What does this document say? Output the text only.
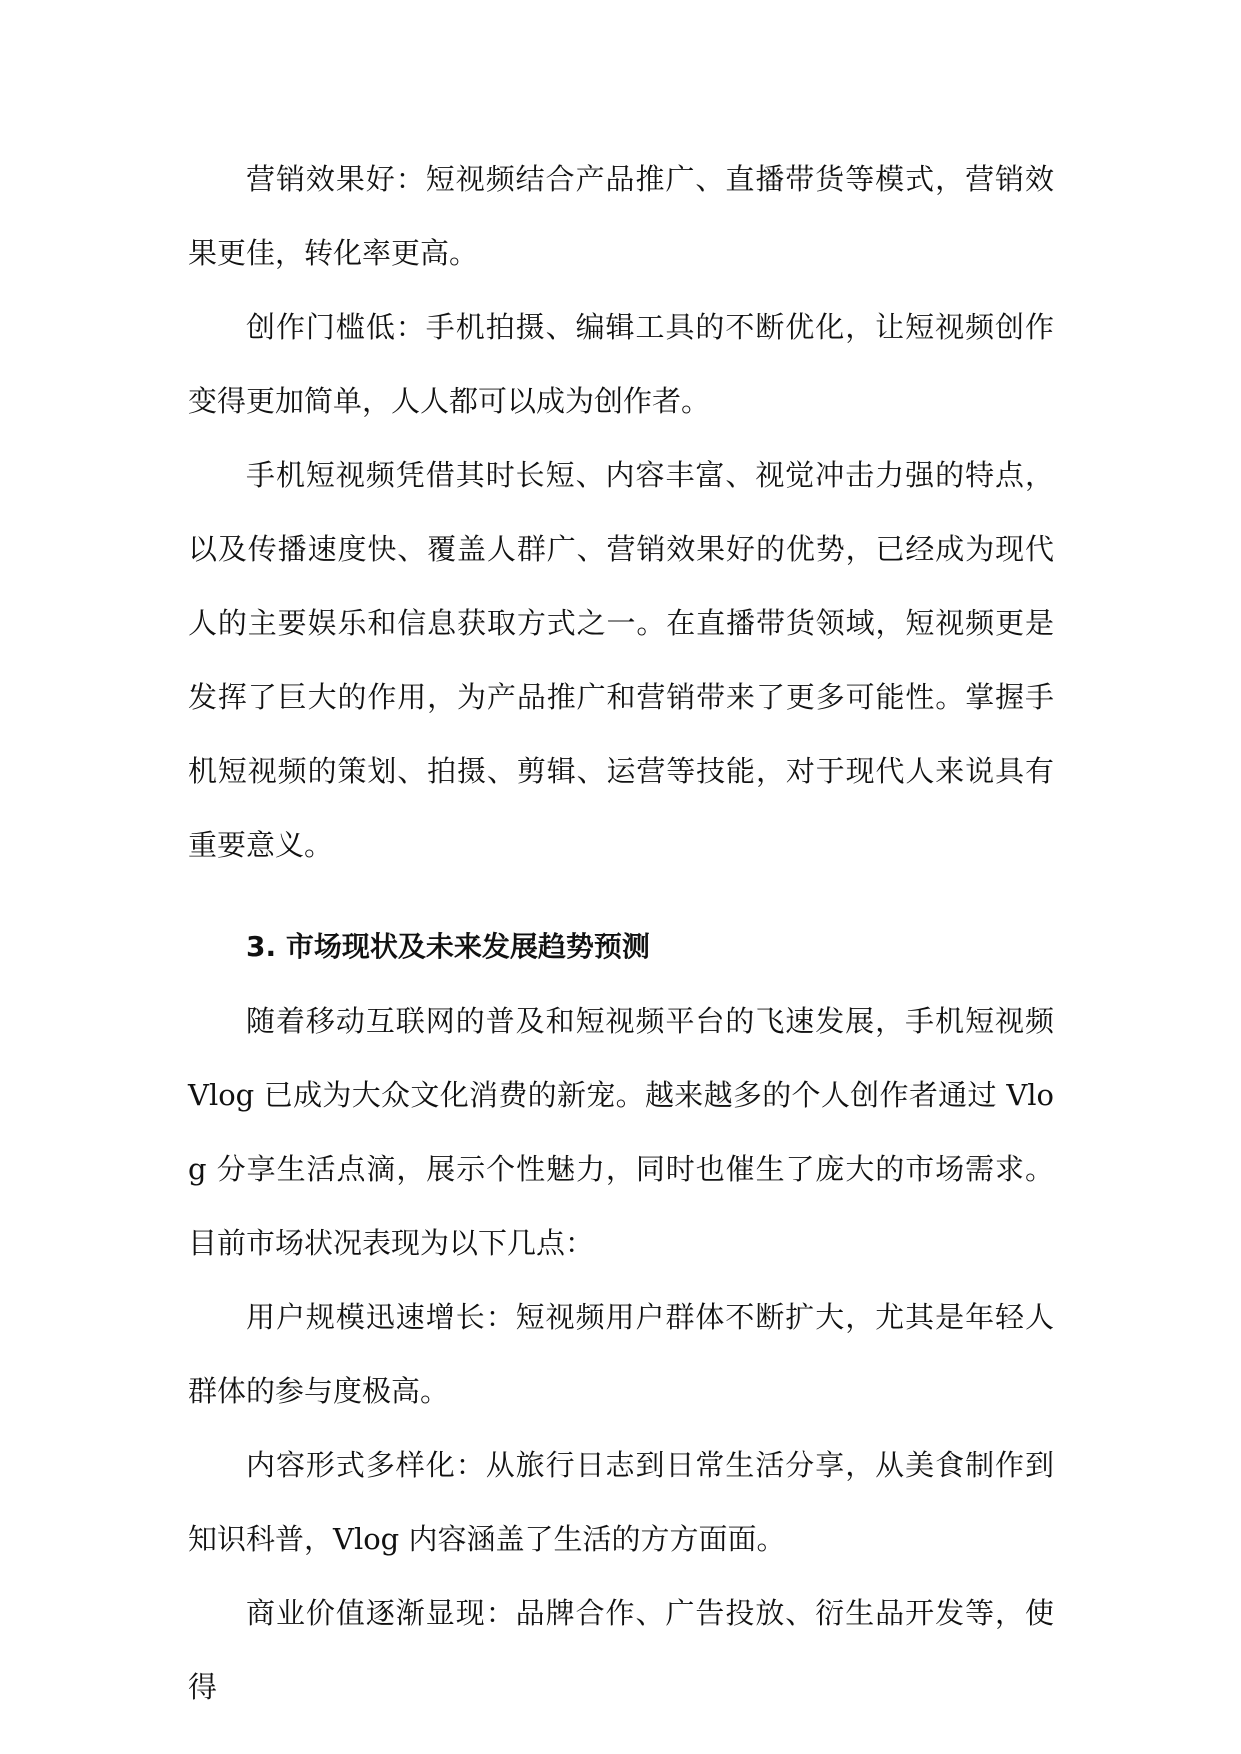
营销效果好：短视频结合产品推广、直播带货等模式，营销效果更佳，转化率更高。

创作门槛低：手机拍摄、编辑工具的不断优化，让短视频创作变得更加简单，人人都可以成为创作者。

手机短视频凭借其时长短、内容丰富、视觉冲击力强的特点，以及传播速度快、覆盖人群广、营销效果好的优势，已经成为现代人的主要娱乐和信息获取方式之一。在直播带货领域，短视频更是发挥了巨大的作用，为产品推广和营销带来了更多可能性。掌握手机短视频的策划、拍摄、剪辑、运营等技能，对于现代人来说具有重要意义。

3. 市场现状及未来发展趋势预测

随着移动互联网的普及和短视频平台的飞速发展，手机短视频 Vlog 已成为大众文化消费的新宠。越来越多的个人创作者通过 Vlog 分享生活点滴，展示个性魅力，同时也催生了庞大的市场需求。目前市场状况表现为以下几点：

用户规模迅速增长：短视频用户群体不断扩大，尤其是年轻人群体的参与度极高。

内容形式多样化：从旅行日志到日常生活分享，从美食制作到知识科普，Vlog 内容涵盖了生活的方方面面。

商业价值逐渐显现：品牌合作、广告投放、衍生品开发等，使得
